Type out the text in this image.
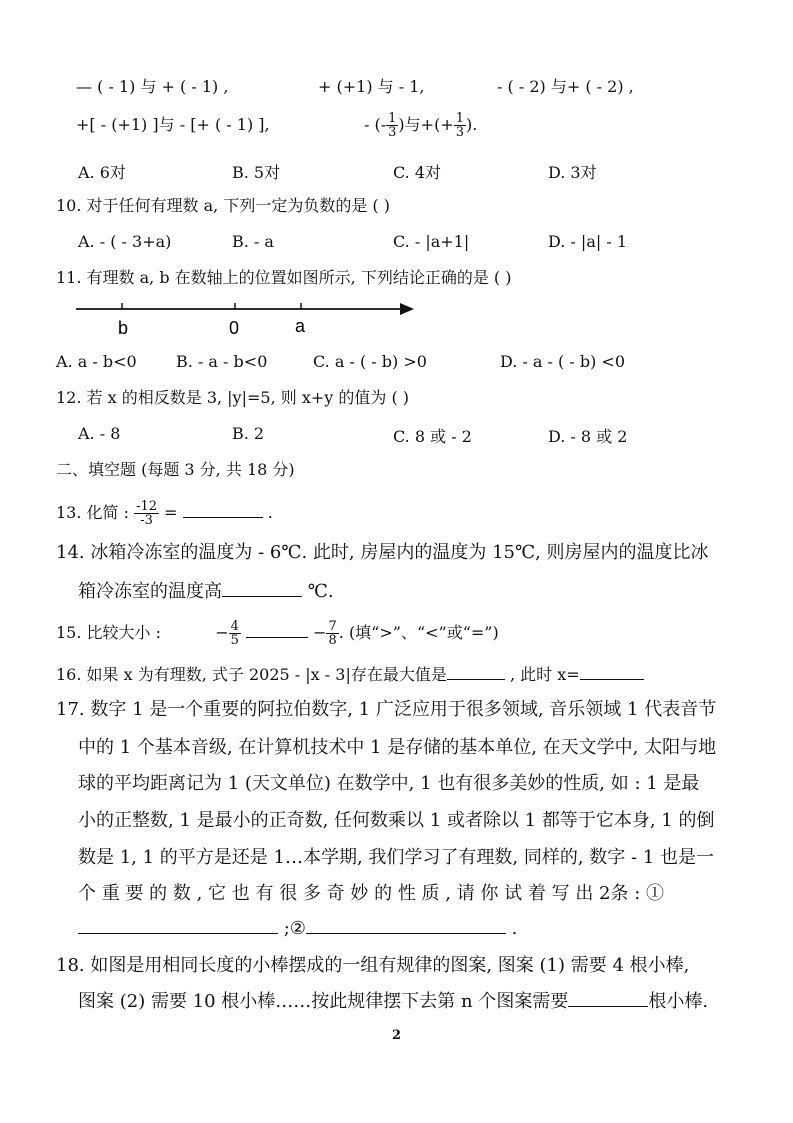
— ( - 1) 与 + ( - 1) ,	+ (+1) 与 - 1,	- ( - 2) 与+ ( - 2) ,
+[ - (+1) ]与 - [+ ( - 1) ],	- (- $\frac{1}{3}$ )与+(+ $\frac{1}{3}$ ).
A. 6对	B. 5对	C. 4对	D. 3对
10. 对于任何有理数 a, 下列一定为负数的是 ( )
A. - ( - 3+a)	B. - a	C. - |a+1|	D. - |a| - 1
11. 有理数 a, b 在数轴上的位置如图所示, 下列结论正确的是 ( )
b	0	a
A. a - b<0 B. - a - b<0	C. a - ( - b) >0	D. - a - ( - b) <0
12. 若 x 的相反数是 3, |y|=5, 则 x+y 的值为 ( )
A. - 8	B. 2	C. 8 或 - 2	D. - 8 或 2
二、填空题 (每题 3 分, 共 18 分)
13. 化简 : $\frac{-12}{-3}$ =	.
14. 冰箱冷冻室的温度为 - 6℃. 此时, 房屋内的温度为 15℃, 则房屋内的温度比冰
箱冷冻室的温度高	℃.
15. 比较大小 :	− $\frac{4}{5}$	− $\frac{7}{8}$ . (填“>”、“<”或“=”)
16. 如果 x 为有理数, 式子 2025 - |x - 3|存在最大值是	, 此时 x=
17. 数字 1 是一个重要的阿拉伯数字, 1 广泛应用于很多领域, 音乐领域 1 代表音节
中的 1 个基本音级, 在计算机技术中 1 是存储的基本单位, 在天文学中, 太阳与地
球的平均距离记为 1 (天文单位) 在数学中, 1 也有很多美妙的性质, 如 : 1 是最
小的正整数, 1 是最小的正奇数, 任何数乘以 1 或者除以 1 都等于它本身, 1 的倒
数是 1, 1 的平方是还是 1…本学期, 我们学习了有理数, 同样的, 数字 - 1 也是一
个 重 要 的 数 , 它 也 有 很 多 奇 妙 的 性 质 , 请 你 试 着 写 出 2条 : ①
;②	.
18. 如图是用相同长度的小棒摆成的一组有规律的图案, 图案 (1) 需要 4 根小棒,
图案 (2) 需要 10 根小棒……按此规律摆下去第 n 个图案需要	根小棒.
2
